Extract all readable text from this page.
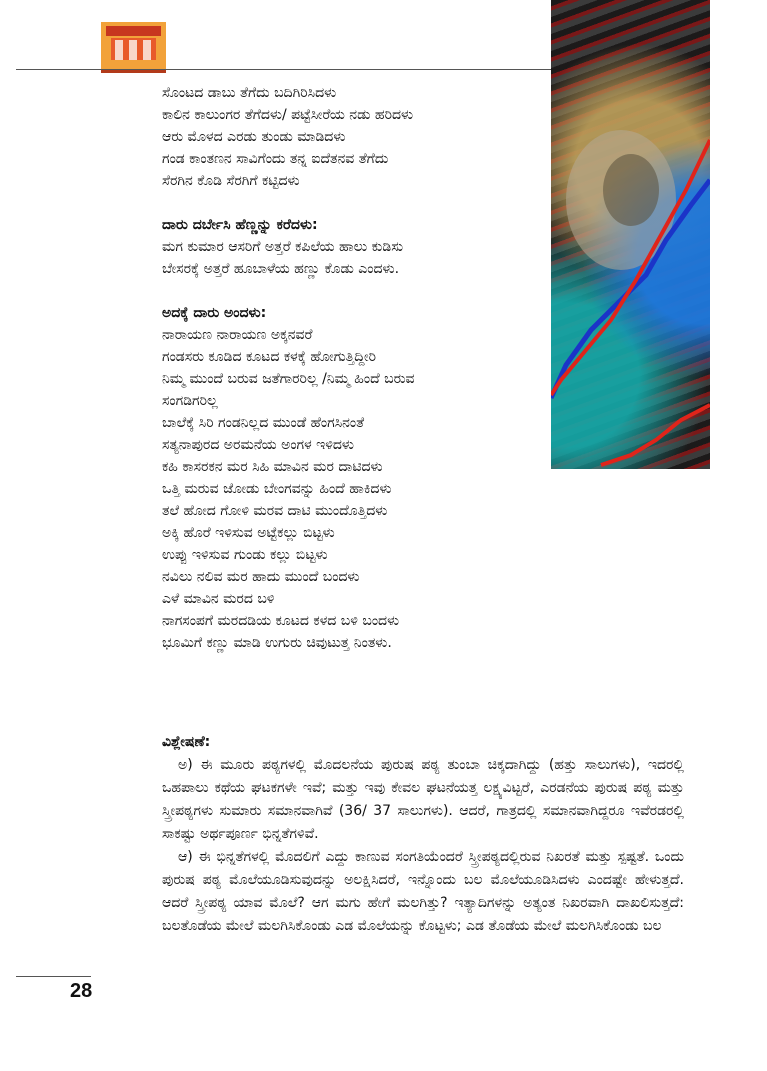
ಸೊಂಟದ ಡಾಬು ತೆಗೆದು ಬದಿಗಿರಿಸಿದಳು

ಕಾಲಿನ ಕಾಲುಂಗರ ತೆಗೆದಳು/ ಪಟ್ಟೆಸೀರೆಯ ನಡು ಹರಿದಳು

ಆರು ಮೊಳದ ಎರಡು ತುಂಡು ಮಾಡಿದಳು

ಗಂಡ ಕಾಂತಣನ ಸಾವಿಗೆಂದು ತನ್ನ ಐದೆತನವ ತೆಗೆದು

ಸೆರಗಿನ ಕೊಡಿ ಸೆರಗಿಗೆ ಕಟ್ಟಿದಳು

ದಾರು ದರ್ಬೇಸಿ ಹೆಣ್ಣನ್ನು ಕರೆದಳು:

ಮಗ ಕುಮಾರ ಆಸರಿಗೆ ಅತ್ತರೆ ಕಪಿಲೆಯ ಹಾಲು ಕುಡಿಸು

ಬೇಸರಕ್ಕೆ ಅತ್ತರೆ ಹೂಬಾಳೆಯ ಹಣ್ಣು ಕೊಡು ಎಂದಳು.

ಅದಕ್ಕೆ ದಾರು ಅಂದಳು:

ನಾರಾಯಣ ನಾರಾಯಣ ಅಕ್ಕನವರೆ

ಗಂಡಸರು ಕೂಡಿದ ಕೂಟದ ಕಳಕ್ಕೆ ಹೋಗುತ್ತಿದ್ದೀರಿ

ನಿಮ್ಮ ಮುಂದೆ ಬರುವ ಜತೆಗಾರರಿಲ್ಲ /ನಿಮ್ಮ ಹಿಂದೆ ಬರುವ

ಸಂಗಡಿಗರಿಲ್ಲ

ಬಾಲೆಕ್ಕೆ ಸಿರಿ ಗಂಡನಿಲ್ಲದ ಮುಂಡೆ ಹೆಂಗಸಿನಂತೆ

ಸತ್ಯನಾಪುರದ ಅರಮನೆಯ ಅಂಗಳ ಇಳಿದಳು

ಕಹಿ ಕಾಸರಕನ ಮರ ಸಿಹಿ ಮಾವಿನ ಮರ ದಾಟಿದಳು

ಒತ್ತಿ ಮರುವ ಜೋಡು ಬೇಂಗವನ್ನು ಹಿಂದೆ ಹಾಕಿದಳು

ತಲೆ ಹೋದ ಗೋಳಿ ಮರವ ದಾಟಿ ಮುಂದೊತ್ತಿದಳು

ಅಕ್ಕಿ ಹೊರೆ ಇಳಿಸುವ ಅಟ್ಟೆಕಲ್ಲು ಬಿಟ್ಟಳು

ಉಪ್ಪು ಇಳಿಸುವ ಗುಂಡು ಕಲ್ಲು ಬಿಟ್ಟಳು

ನವಿಲು ನಲಿವ ಮರ ಹಾದು ಮುಂದೆ ಬಂದಳು

ಎಳೆ ಮಾವಿನ ಮರದ ಬಳಿ

ನಾಗಸಂಪಗೆ ಮರದಡಿಯ ಕೂಟದ ಕಳದ ಬಳಿ ಬಂದಳು

ಭೂಮಿಗೆ ಕಣ್ಣು ಮಾಡಿ ಉಗುರು ಚಿವುಟುತ್ತ ನಿಂತಳು.

ವಿಶ್ಲೇಷಣೆ:

ಅ) ಈ ಮೂರು ಪಠ್ಯಗಳಲ್ಲಿ ಮೊದಲನೆಯ ಪುರುಷ ಪಠ್ಯ ತುಂಬಾ ಚಿಕ್ಕದಾಗಿದ್ದು (ಹತ್ತು ಸಾಲುಗಳು), ಇದರಲ್ಲಿ ಒಹಪಾಲು ಕಥೆಯ ಘಟಕಗಳೇ ಇವೆ; ಮತ್ತು ಇವು ಕೇವಲ ಘಟನೆಯತ್ತ ಲಕ್ಷ್ಯವಿಟ್ಟರೆ, ಎರಡನೆಯ ಪುರುಷ ಪಠ್ಯ ಮತ್ತು ಸ್ತ್ರೀಪಠ್ಯಗಳು ಸುಮಾರು ಸಮಾನವಾಗಿವೆ (36/ 37 ಸಾಲುಗಳು). ಆದರೆ, ಗಾತ್ರದಲ್ಲಿ ಸಮಾನವಾಗಿದ್ದರೂ ಇವೆರಡರಲ್ಲಿ ಸಾಕಷ್ಟು ಅರ್ಥಪೂರ್ಣ ಭಿನ್ನತೆಗಳಿವೆ.

ಆ) ಈ ಭಿನ್ನತೆಗಳಲ್ಲಿ ಮೊದಲಿಗೆ ಎದ್ದು ಕಾಣುವ ಸಂಗತಿಯೆಂದರೆ ಸ್ತ್ರೀಪಠ್ಯದಲ್ಲಿರುವ ನಿಖರತೆ ಮತ್ತು ಸ್ಪಷ್ಟತೆ. ಒಂದು ಪುರುಷ ಪಠ್ಯ ಮೊಲೆಯೂಡಿಸುವುದನ್ನು ಅಲಕ್ಷಿಸಿದರೆ, ಇನ್ನೊಂದು ಬಲ ಮೊಲೆಯೂಡಿಸಿದಳು ಎಂದಷ್ಟೇ ಹೇಳುತ್ತದೆ. ಆದರೆ ಸ್ತ್ರೀಪಠ್ಯ ಯಾವ ಮೊಲೆ? ಆಗ ಮಗು ಹೇಗೆ ಮಲಗಿತ್ತು? ಇತ್ಯಾದಿಗಳನ್ನು ಅತ್ಯಂತ ನಿಖರವಾಗಿ ದಾಖಲಿಸುತ್ತದೆ: ಬಲತೊಡೆಯ ಮೇಲೆ ಮಲಗಿಸಿಕೊಂಡು ಎಡ ಮೊಲೆಯನ್ನು ಕೊಟ್ಟಳು; ಎಡ ತೊಡೆಯ ಮೇಲೆ ಮಲಗಿಸಿಕೊಂಡು ಬಲ

28
